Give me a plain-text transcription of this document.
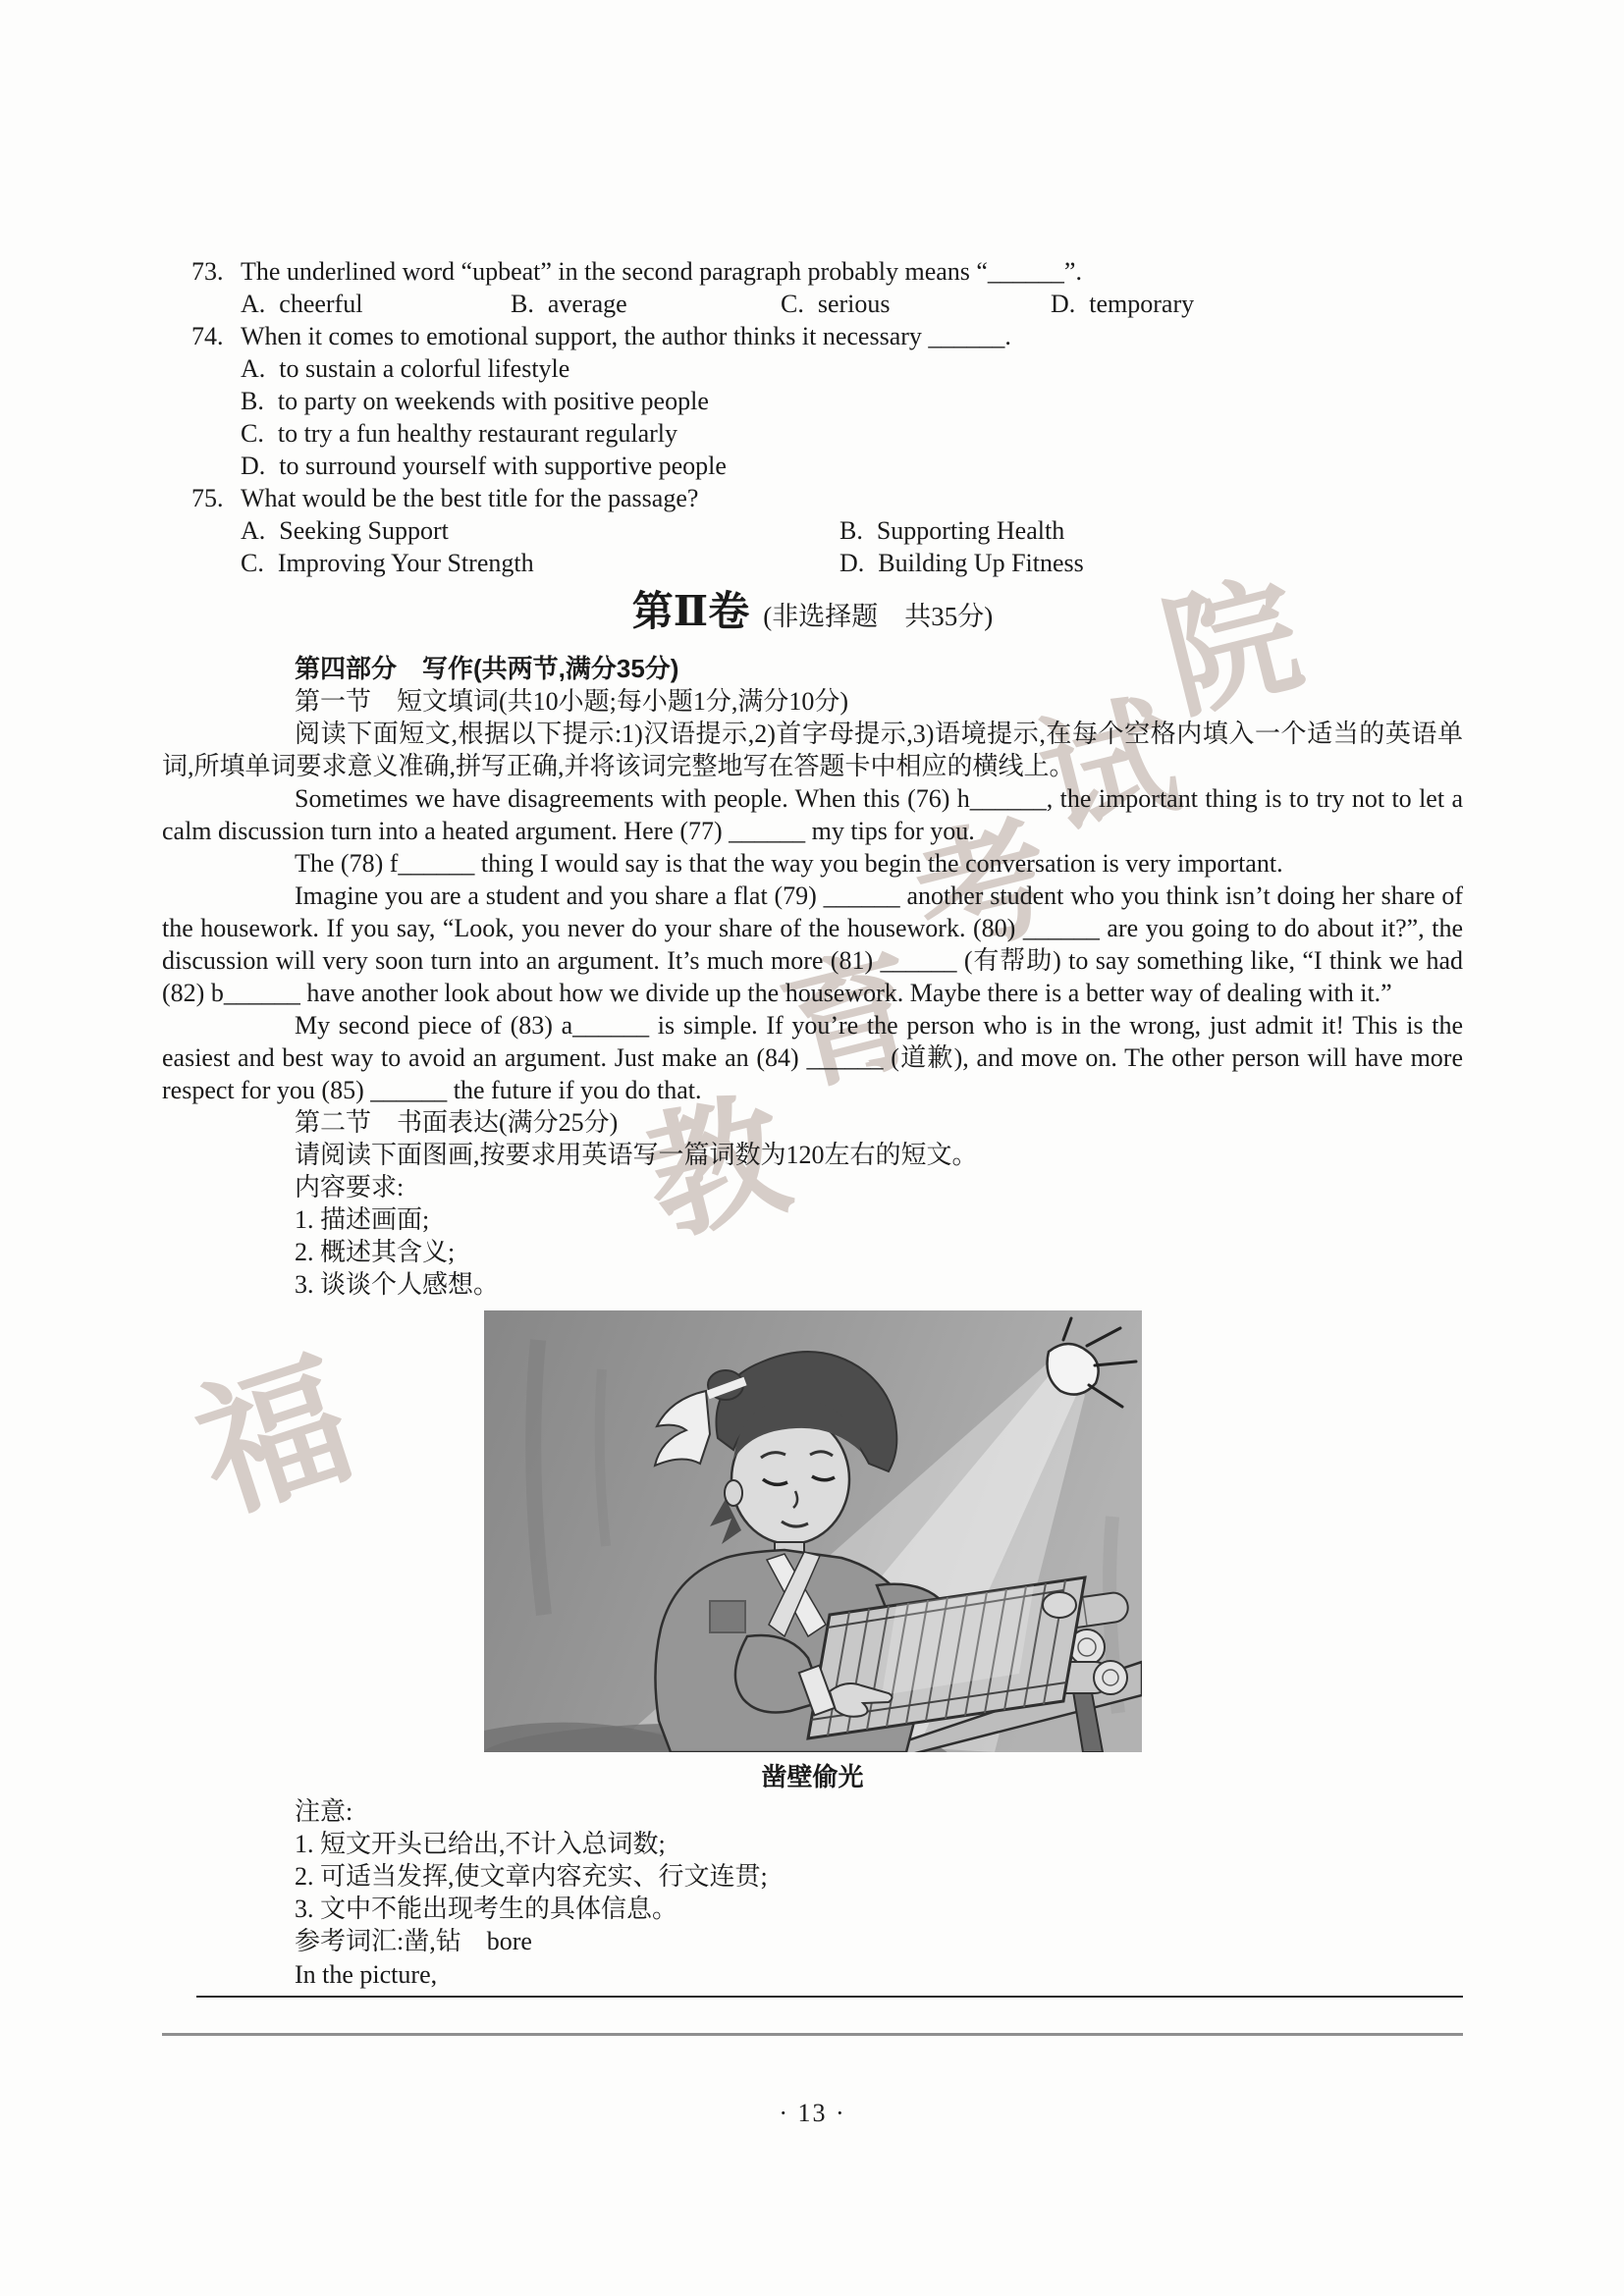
福
教
育
考
试
院
73. The underlined word “upbeat” in the second paragraph probably means “______”.
A. cheerful	B. average	C. serious	D. temporary
74. When it comes to emotional support, the author thinks it necessary ______.
A. to sustain a colorful lifestyle
B. to party on weekends with positive people
C. to try a fun healthy restaurant regularly
D. to surround yourself with supportive people
75. What would be the best title for the passage?
A. Seeking Support	B. Supporting Health
C. Improving Your Strength	D. Building Up Fitness
第Ⅱ卷 (非选择题　共35分)
第四部分　写作(共两节,满分35分)
第一节　短文填词(共10小题;每小题1分,满分10分)

阅读下面短文,根据以下提示:1)汉语提示,2)首字母提示,3)语境提示,在每个空格内填入一个适当的英语单词,所填单词要求意义准确,拼写正确,并将该词完整地写在答题卡中相应的横线上。

Sometimes we have disagreements with people. When this (76) h______, the important thing is to try not to let a calm discussion turn into a heated argument. Here (77) ______ my tips for you.

The (78) f______ thing I would say is that the way you begin the conversation is very important.

Imagine you are a student and you share a flat (79) ______ another student who you think isn’t doing her share of the housework. If you say, “Look, you never do your share of the housework. (80) ______ are you going to do about it?”, the discussion will very soon turn into an argument. It’s much more (81) ______ (有帮助) to say something like, “I think we had (82) b______ have another look about how we divide up the housework. Maybe there is a better way of dealing with it.”

My second piece of (83) a______ is simple. If you’re the person who is in the wrong, just admit it! This is the easiest and best way to avoid an argument. Just make an (84) ______ (道歉), and move on. The other person will have more respect for you (85) ______ the future if you do that.

第二节　书面表达(满分25分)

请阅读下面图画,按要求用英语写一篇词数为120左右的短文。

内容要求:
1. 描述画面;
2. 概述其含义;
3. 谈谈个人感想。
凿壁偷光
注意:
1. 短文开头已给出,不计入总词数;
2. 可适当发挥,使文章内容充实、行文连贯;
3. 文中不能出现考生的具体信息。
参考词汇:凿,钻　bore
In the picture,
· 13 ·
